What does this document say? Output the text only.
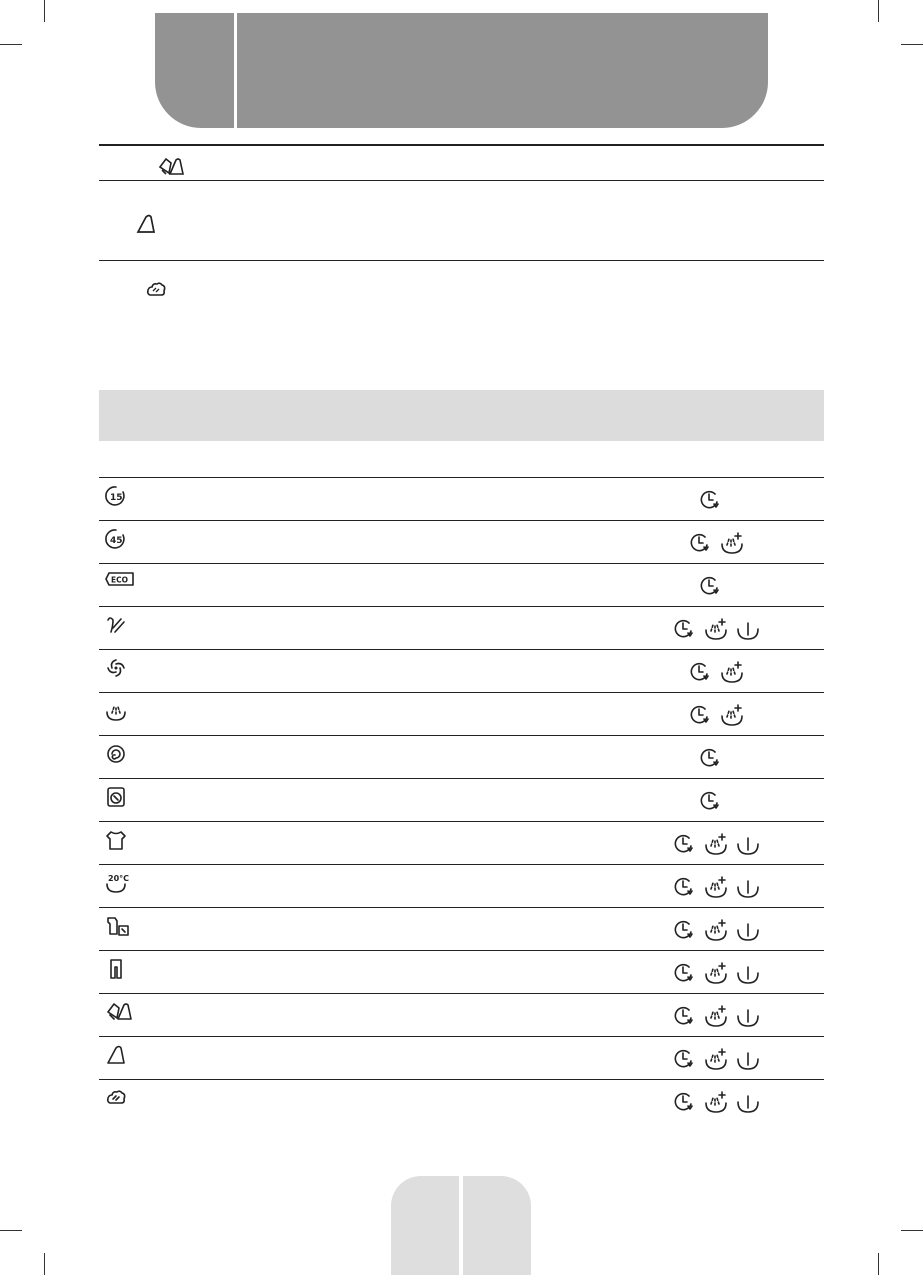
15
45
ECO
20°C
